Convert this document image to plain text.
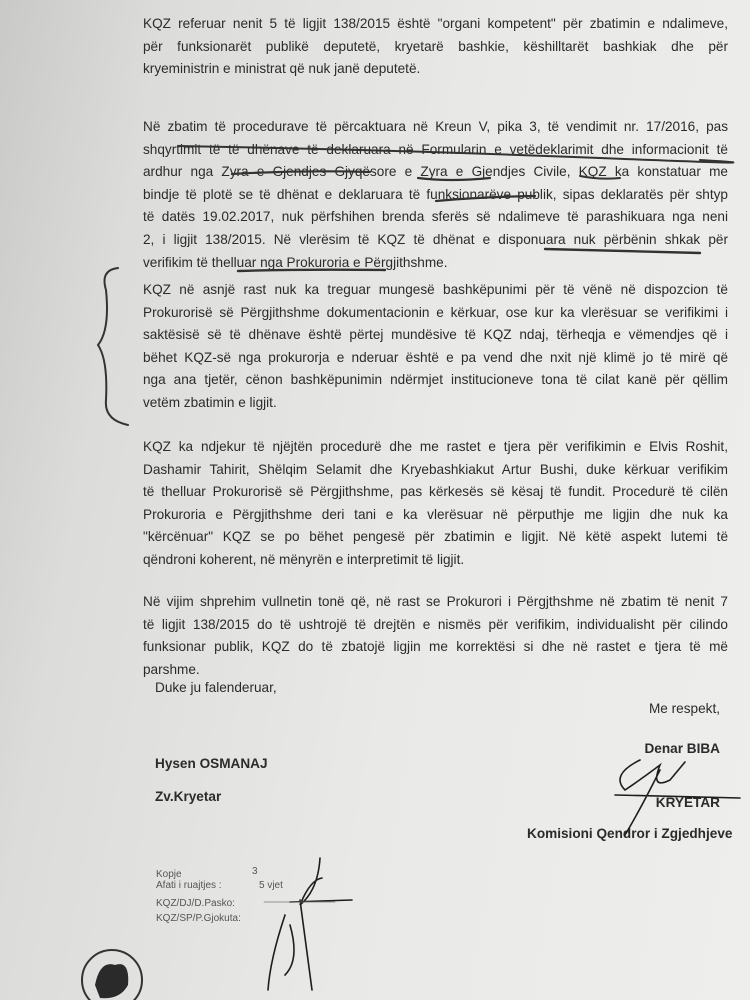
KQZ referuar nenit 5 të ligjit 138/2015 është "organi kompetent" për zbatimin e ndalimeve,
për funksionarët publikë deputetë, kryetarë bashkie, këshilltarët bashkiak dhe për
kryeministrin e ministrat që nuk janë deputetë.
Në zbatim të procedurave të përcaktuara në Kreun V, pika 3, të vendimit nr. 17/2016, pas
shqyrtimit të të dhënave të deklaruara në Formularin e vetëdeklarimit dhe informacionit të
ardhur nga Zyra e Gjendjes Gjyqësore e Zyra e Gjendjes Civile, KQZ ka konstatuar me
bindje të plotë se të dhënat e deklaruara të funksionarëve publik, sipas deklaratës për shtyp
të datës 19.02.2017, nuk përfshihen brenda sferës së ndalimeve të parashikuara nga neni
2, i ligjit 138/2015. Në vlerësim të KQZ të dhënat e disponuara nuk përbënin shkak për
verifikim të thelluar nga Prokuroria e Përgjithshme.
KQZ në asnjë rast nuk ka treguar mungesë bashkëpunimi për të vënë në dispozcion të
Prokurorisë së Përgjithshme dokumentacionin e kërkuar, ose kur ka vlerësuar se verifikimi i
saktësisë së të dhënave është përtej mundësive të KQZ ndaj, tërheqja e vëmendjes që i
bëhet KQZ-së nga prokurorja e nderuar është e pa vend dhe nxit një klimë jo të mirë që
nga ana tjetër, cënon bashkëpunimin ndërmjet institucioneve tona të cilat kanë për qëllim
vetëm zbatimin e ligjit.
KQZ ka ndjekur të njëjtën procedurë dhe me rastet e tjera për verifikimin e Elvis Roshit,
Dashamir Tahirit, Shëlqim Selamit dhe Kryebashkiakut Artur Bushi, duke kërkuar verifikim
të thelluar Prokurorisë së Përgjithshme, pas kërkesës së kësaj të fundit. Procedurë të cilën
Prokuroria e Përgjithshme deri tani e ka vlerësuar në përputhje me ligjin dhe nuk ka
"kërcënuar" KQZ se po bëhet pengesë për zbatimin e ligjit. Në këtë aspekt lutemi të
qëndroni koherent, në mënyrën e interpretimit të ligjit.
Në vijim shprehim vullnetin tonë që, në rast se Prokurori i Përgjthshme në zbatim të nenit 7
të ligjit 138/2015 do të ushtrojë të drejtën e nismës për verifikim, individualisht për cilindo
funksionar publik, KQZ do të zbatojë ligjin me korrektësi si dhe në rastet e tjera të më
parshme.
Duke ju falenderuar,
Me respekt,
Hysen OSMANAJ
Zv.Kryetar
Denar BIBA
KRYETAR
Komisioni Qendror i Zgjedhjeve
Kopje	3
Afati i ruajtjes :	5 vjet
KQZ/DJ/D.Pasko:
KQZ/SP/P.Gjokuta:
